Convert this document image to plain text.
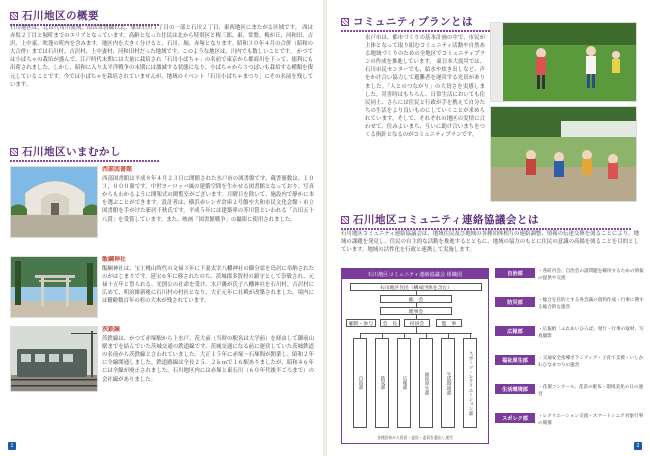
石川地区の概要
石川地区は、北は代用川流域、南は常磐線以北、東は石川１丁目の一部と石川２丁目、東西地区にまたがる区域です。 西は赤坂２丁目と堀町までのエリアとなっています。高齢となった住民は北から特別区と梅三郎、東、常盤、梅が丘、河和田、吉沢、上中東、吹蓬の町内を含みます。地区内を大きく分けると、石川、堀、赤塚となります。昭和３０年４月の合併（昭和の大合併）までは石川村、吉沢村、上中妻村、河和田村だった地域です。このような地区は、川内でも数しいことです。 かつては小ばちゃの栽培が盛んで、江戸時代末期には大量に栽培され「石川小ばちゃ」の名前で東京から都商川を下って、徳利にも出荷されました。しかし、昭和に入り太平洋戦争の末期には激減する状態になり、小ばちゃから３つばいも栽培する種類を復元していることです。今では小ばちゃを栽培されていませんが、地域のイベント「石川小ばちゃまつり」にその名前を残しています。
石川地区いまむかし
西部図書館
西部図書館は平成８年４月２３日に開館された水戸市の図書館です。蔵書冊数は、１０３，０００冊です。中世ヨーロッパ風の建築空間を生かせる図書館となっており、写真からもわかるように開架式の閲覧室がございます。月曜日を除いて、施設内で静かに本を選ぶことができます。設計者は、横浜赤レンガ倉庫２号館や大和市民文化会館・市立図書館を手がけた新居千秋氏です。平成５年には建築界の芥川賞といわれる「吉田五十八賞」を受賞しています。また、映画「図書館戦争」の撮影に使用されました。
飯綱神社
飯綱神社は、宝土桃山時代の文禄３年に下妻太宰八幡神社の御分霊を鳥居に奉納されたのがはじまりです。延宝６年に移されたのち、茨城郡多賀村の鎮守として崇敬され、元禄十五年と祭られる。光圀公の社命を受け、水戸藩が氏子八幡神社を石川村、吉沢村に広めて、明治維新後に石川村の村社となり、大正元年に社殿が改築されました。境内には樹齢数百年の杉の大木が残されています。
茨鉄線
茨鉄線は、かつて赤塚駅から上水戸、茨大前（当時の駅名は大学前）を経由して御前山駅までを結んでいた茨城交通の鉄道線です。茨城交通になる前に運営していた茨城鉄道の名前から茨鉄線と言われていました。大正１５年に赤塚～石塚間が開業し、昭和２年に全線開通しました。鉄道路線は全長２５．２ｋｍで１６駅ありましたが、昭和４６年には全線が廃止されました。石川地区内には赤塚と東石川（６０年代後半ごろまで）の会社線がありました。
1
コミュニティプランとは
水戸市は、都市づくりの基本計画の中で、市民が主体となって取り組むコミュニティ活動や自然ある地域づくりのための全地区でコミュニティプランの作成を推進しています。 東日本大震災では、石川市民センターでも、給水や炊き出しなど、声をかけ合い協力して避難者を運営する光景がありました。「人とのつながり」の大切さを実感しました。災害時はもちろん、日常生活においても住民同士、さらには住民と行政が手を携えて自分たちの生活をより良いものにしていくことが求められています。そして、それぞれの地区の実情に合わせて、住みよいまち、互いに助け合いまちをつくる指針となるのがコミュニティプランです。
石川地区コミュニティ連絡協議会とは
石川地区コミュニティ連絡協議会は、地域住民及び地域の各種団体相互の連絡調整、情報の伝達交換を図ることにより、地域の課題を発見し、住民の自主的な活動を推進するとともに、地域の協力のもとに住民の意識の高揚を図ることを目的としています。地域の活性化を行政と連携して実施します。
石川地区コミュニティ連絡協議会 組織図
石川地区住民（構成団体を含む）
総　会
理事会
顧問・参与	会　長	役員会	監　事
自治部	防災部	広報部	福祉厚生部	生活環境部	スポーツ・レクリエーション部
各種団体から役員・委員・委員を選出し運営
自治部	・各町内会、自治会の諸問題を解決するための情報の提供や交流
防災部	・総合を目的とする各会議の資料作成・行事に関する総合的な運営
広報部	・広報紙「ふれあいひろば」発行・行事の取材、写真撮影
福祉厚生部	・交通安全指導ボランティア・子育て支援・いしかわひなまつりの運営
生活環境部	・花壇コンクール、花苗の配布・環境美化の日の運営
スポレク部	・レクリエーション交流・スマートシニア対象行事の開催
2
